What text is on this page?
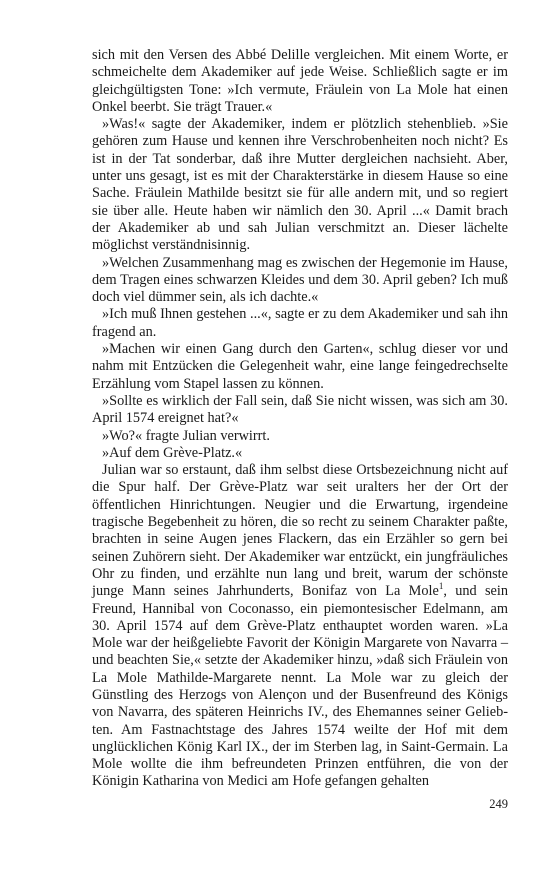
sich mit den Versen des Abbé Delille vergleichen. Mit einem Worte, er schmeichelte dem Akademiker auf jede Weise. Schließlich sagte er im gleichgültigsten Tone: »Ich vermute, Fräulein von La Mole hat einen Onkel beerbt. Sie trägt Trauer.«

»Was!« sagte der Akademiker, indem er plötzlich stehenblieb. »Sie gehören zum Hause und kennen ihre Verschrobenheiten noch nicht? Es ist in der Tat sonderbar, daß ihre Mutter dergleichen nachsieht. Aber, unter uns gesagt, ist es mit der Charakterstärke in diesem Hause so eine Sache. Fräulein Mathilde besitzt sie für alle andern mit, und so regiert sie über alle. Heute haben wir nämlich den 30. April ...« Damit brach der Akademiker ab und sah Julian verschmitzt an. Dieser lächelte möglichst verständnisinnig.

»Welchen Zusammenhang mag es zwischen der Hegemonie im Hause, dem Tragen eines schwarzen Kleides und dem 30. April geben? Ich muß doch viel dümmer sein, als ich dachte.«

»Ich muß Ihnen gestehen ...«, sagte er zu dem Akademiker und sah ihn fragend an.

»Machen wir einen Gang durch den Garten«, schlug dieser vor und nahm mit Entzücken die Gelegenheit wahr, eine lange feingedrechselte Erzählung vom Stapel lassen zu können.

»Sollte es wirklich der Fall sein, daß Sie nicht wissen, was sich am 30. April 1574 ereignet hat?«

»Wo?« fragte Julian verwirrt.

»Auf dem Grève-Platz.«

Julian war so erstaunt, daß ihm selbst diese Ortsbezeichnung nicht auf die Spur half. Der Grève-Platz war seit uralters her der Ort der öffentlichen Hinrichtungen. Neugier und die Erwartung, irgendeine tragische Begebenheit zu hören, die so recht zu seinem Charakter paßte, brachten in seine Augen jenes Flackern, das ein Erzähler so gern bei seinen Zuhörern sieht. Der Akademiker war entzückt, ein jungfräuliches Ohr zu finden, und erzählte nun lang und breit, warum der schönste junge Mann seines Jahrhunderts, Bonifaz von La Mole$^1$, und sein Freund, Hannibal von Coconasso, ein piemontesischer Edelmann, am 30. April 1574 auf dem Grève-Platz enthauptet worden waren. »La Mole war der heißgeliebte Favorit der Königin Margarete von Navarra – und beachten Sie,« setzte der Akademiker hinzu, »daß sich Fräulein von La Mole Mathilde-Margarete nennt. La Mole war zu gleich der Günstling des Herzogs von Alençon und der Busenfreund des Königs von Navarra, des späteren Heinrichs IV., des Ehemannes seiner Geliebten. Am Fastnachtstage des Jahres 1574 weilte der Hof mit dem unglücklichen König Karl IX., der im Sterben lag, in Saint-Germain. La Mole wollte die ihm befreundeten Prinzen entführen, die von der Königin Katharina von Medici am Hofe gefangen gehalten

249
